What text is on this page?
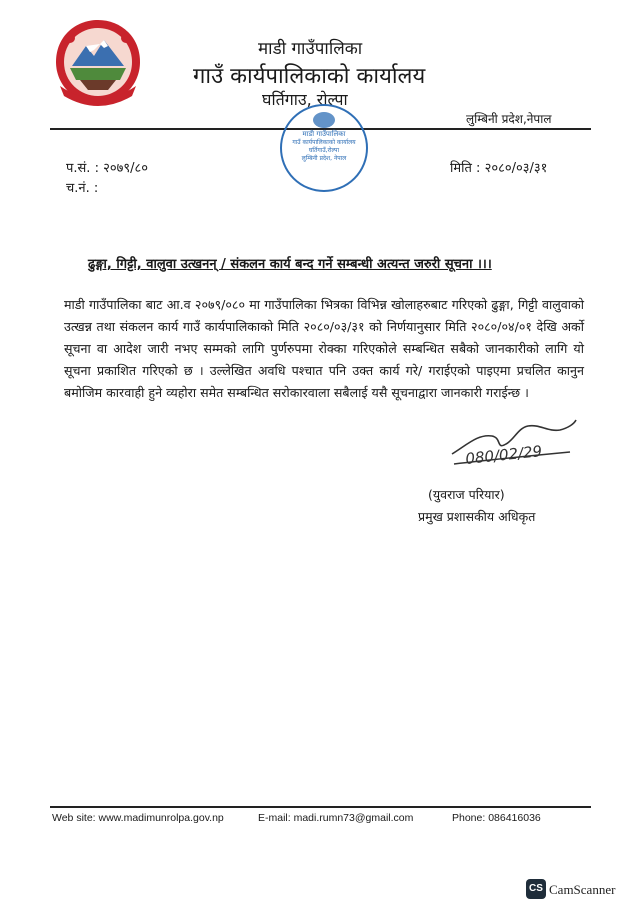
माडी गाउँपालिका
गाउँ कार्यपालिकाको कार्यालय
घर्तिगाउ, रोल्पा
लुम्बिनी प्रदेश,नेपाल
माडी गाउँपालिका
गाउँ कार्यपालिकाको कार्यालय
घर्तिगाउँ,रोल्पा
लुम्बिनी प्रदेश, नेपाल
प.सं. : २०७९/८०
च.नं. :
मिति : २०८०/०३/३१
ढुङ्गा, गिट्टी, वालुवा उत्खनन् / संकलन कार्य बन्द गर्ने सम्बन्धी अत्यन्त जरुरी सूचना ।।।
माडी गाउँपालिका बाट आ.व २०७९/०८० मा गाउँपालिका भित्रका विभिन्न खोलाहरुबाट गरिएको ढुङ्गा, गिट्टी वालुवाको उत्खन्न तथा संकलन कार्य गाउँ कार्यपालिकाको मिति २०८०/०३/३१ को निर्णयानुसार मिति २०८०/०४/०१ देखि अर्को सूचना वा आदेश जारी नभए सम्मको लागि पुर्णरुपमा रोक्का गरिएकोले सम्बन्धित सबैको जानकारीको लागि यो सूचना प्रकाशित गरिएको छ । उल्लेखित अवधि पश्चात पनि उक्त कार्य गरे/ गराईएको पाइएमा प्रचलित कानुन बमोजिम कारवाही हुने व्यहोरा समेत सम्बन्धित सरोकारवाला सबैलाई यसै सूचनाद्वारा जानकारी गराईन्छ ।
080/02/29
(युवराज परियार)
प्रमुख प्रशासकीय अधिकृत
Web site: www.madimunrolpa.gov.np	E-mail: madi.rumn73@gmail.com	Phone: 086416036
CS CamScanner
